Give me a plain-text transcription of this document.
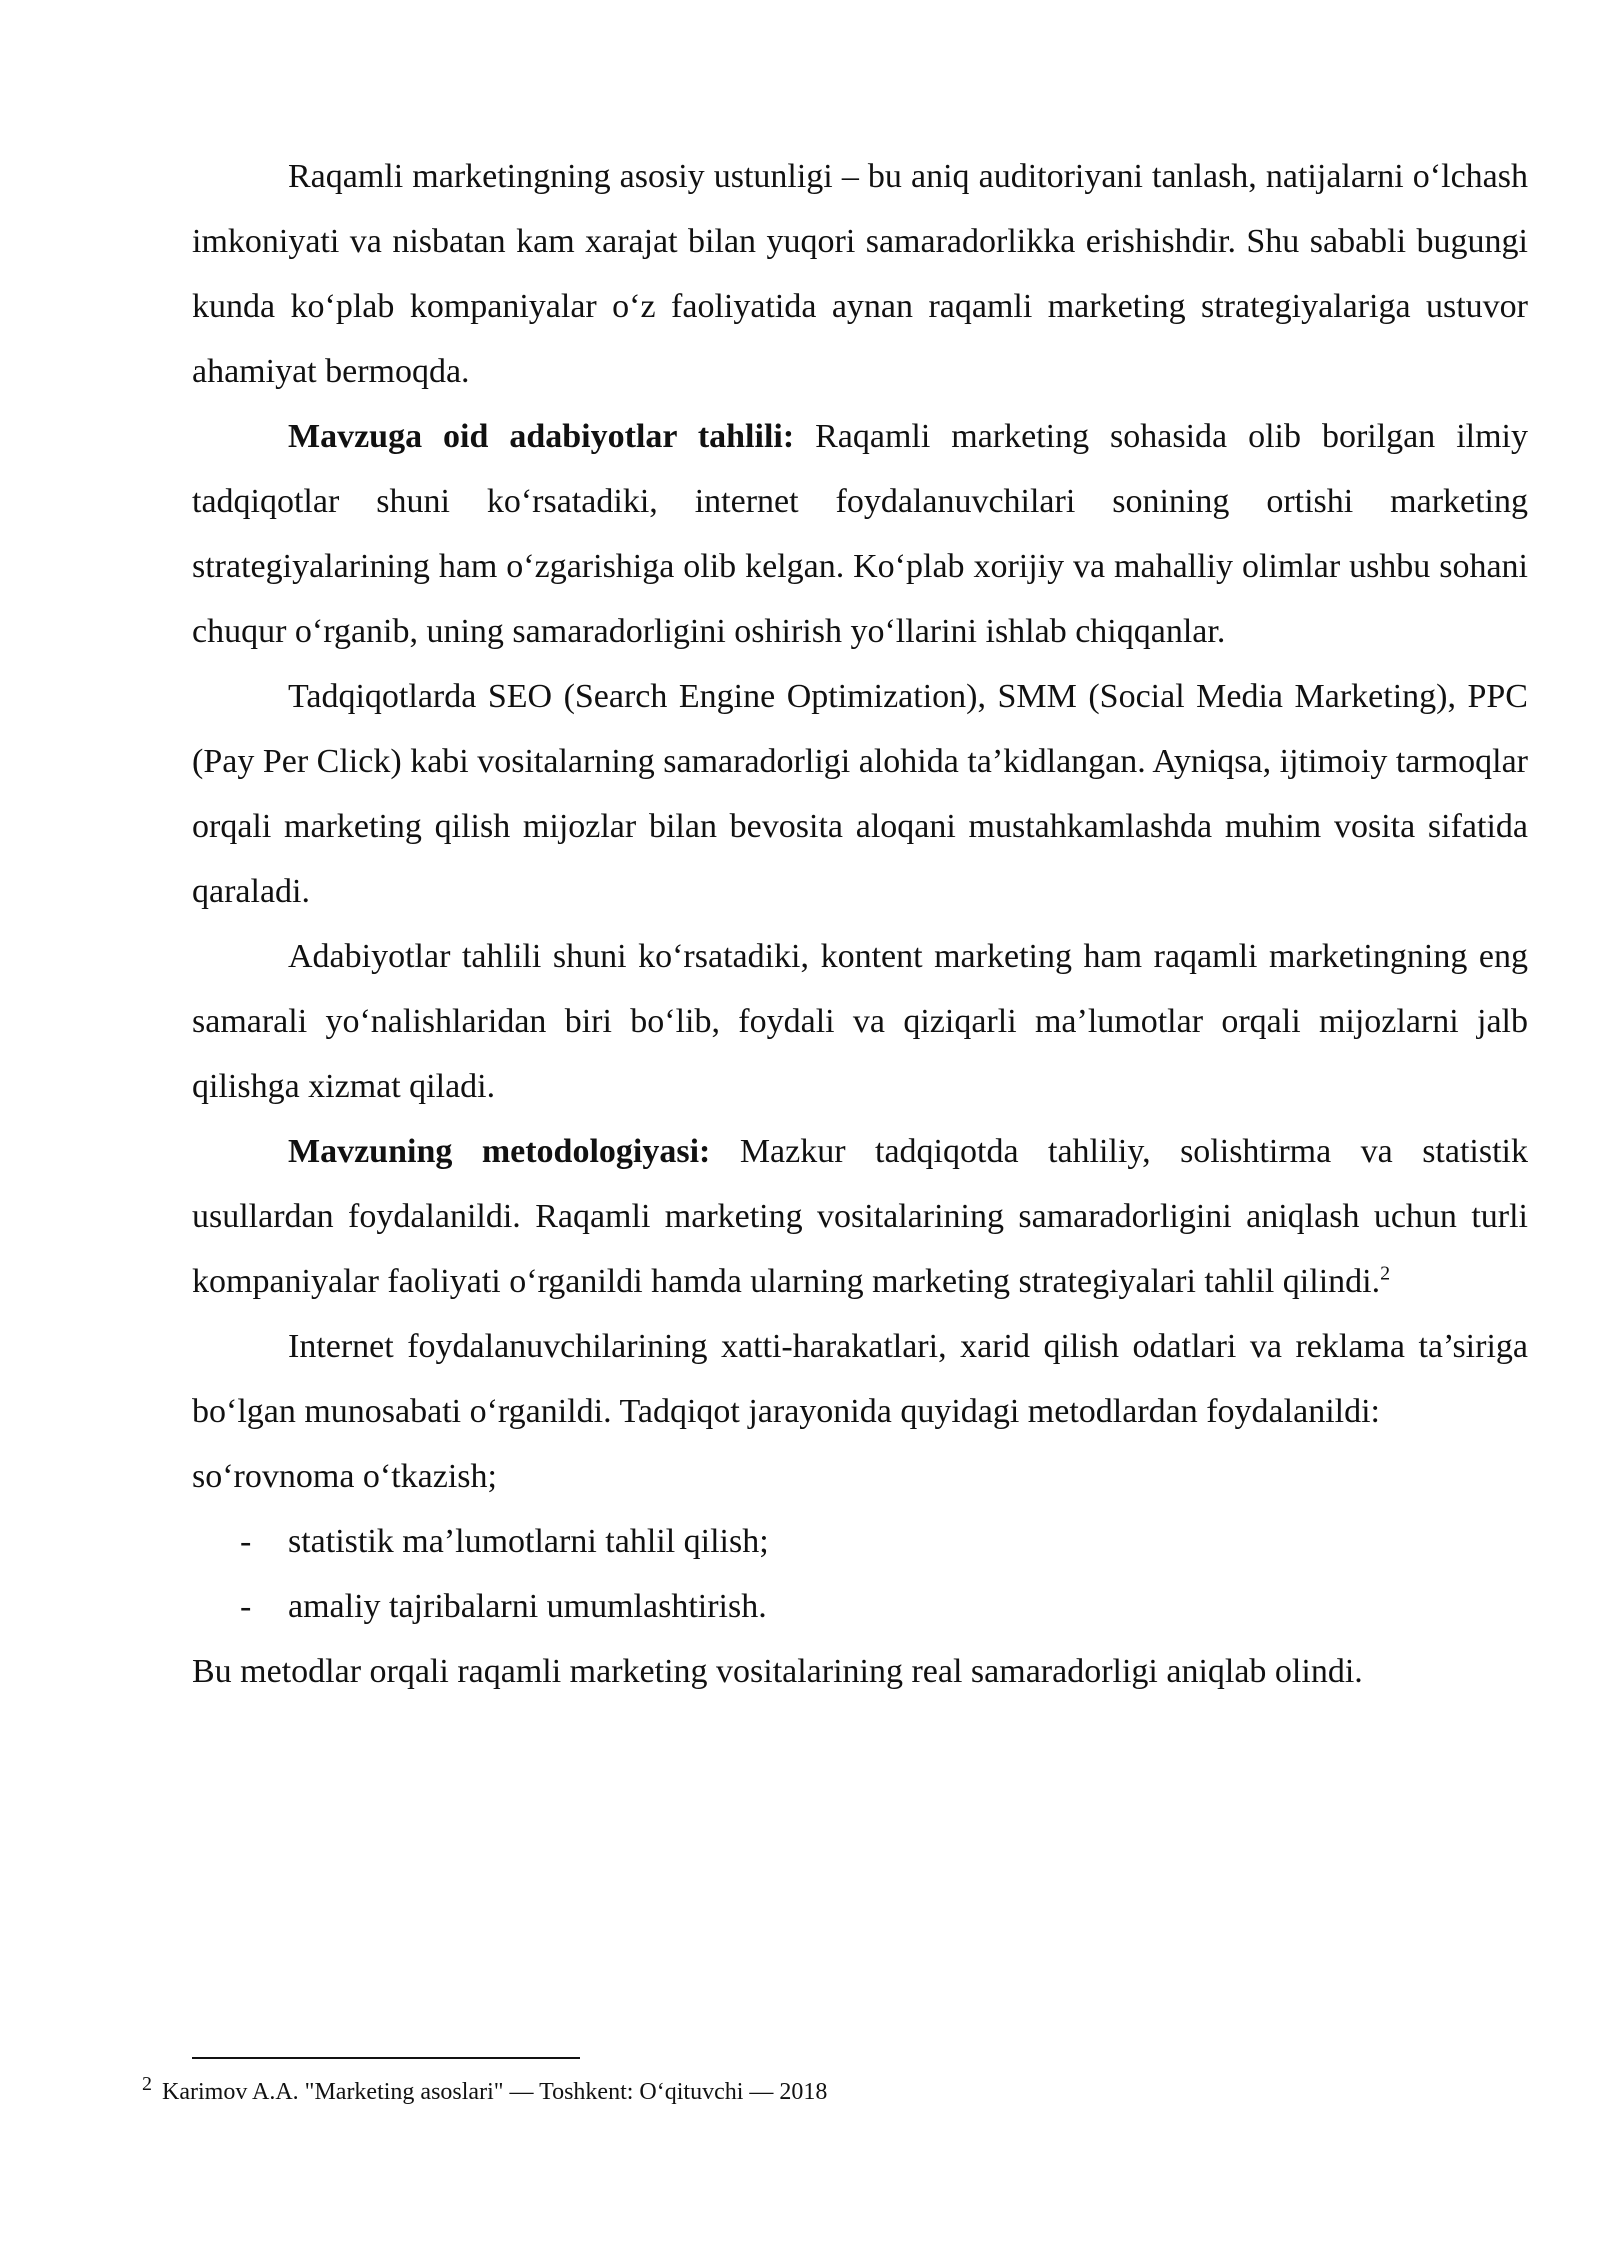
Raqamli marketingning asosiy ustunligi – bu aniq auditoriyani tanlash, natijalarni oʻlchash imkoniyati va nisbatan kam xarajat bilan yuqori samaradorlikka erishishdir. Shu sababli bugungi kunda koʻplab kompaniyalar oʻz faoliyatida aynan raqamli marketing strategiyalariga ustuvor ahamiyat bermoqda.

Mavzuga oid adabiyotlar tahlili: Raqamli marketing sohasida olib borilgan ilmiy tadqiqotlar shuni koʻrsatadiki, internet foydalanuvchilari sonining ortishi marketing strategiyalarining ham oʻzgarishiga olib kelgan. Koʻplab xorijiy va mahalliy olimlar ushbu sohani chuqur oʻrganib, uning samaradorligini oshirish yoʻllarini ishlab chiqqanlar.

Tadqiqotlarda SEO (Search Engine Optimization), SMM (Social Media Marketing), PPC (Pay Per Click) kabi vositalarning samaradorligi alohida ta’kidlangan. Ayniqsa, ijtimoiy tarmoqlar orqali marketing qilish mijozlar bilan bevosita aloqani mustahkamlashda muhim vosita sifatida qaraladi.

Adabiyotlar tahlili shuni koʻrsatadiki, kontent marketing ham raqamli marketingning eng samarali yoʻnalishlaridan biri boʻlib, foydali va qiziqarli ma’lumotlar orqali mijozlarni jalb qilishga xizmat qiladi.

Mavzuning metodologiyasi: Mazkur tadqiqotda tahliliy, solishtirma va statistik usullardan foydalanildi. Raqamli marketing vositalarining samaradorligini aniqlash uchun turli kompaniyalar faoliyati oʻrganildi hamda ularning marketing strategiyalari tahlil qilindi.$^2$

Internet foydalanuvchilarining xatti-harakatlari, xarid qilish odatlari va reklama ta’siriga boʻlgan munosabati oʻrganildi. Tadqiqot jarayonida quyidagi metodlardan foydalanildi:

soʻrovnoma oʻtkazish;

- statistik ma’lumotlarni tahlil qilish;
- amaliy tajribalarni umumlashtirish.

Bu metodlar orqali raqamli marketing vositalarining real samaradorligi aniqlab olindi.

$^2$ Karimov A.A. "Marketing asoslari" — Toshkent: Oʻqituvchi — 2018
